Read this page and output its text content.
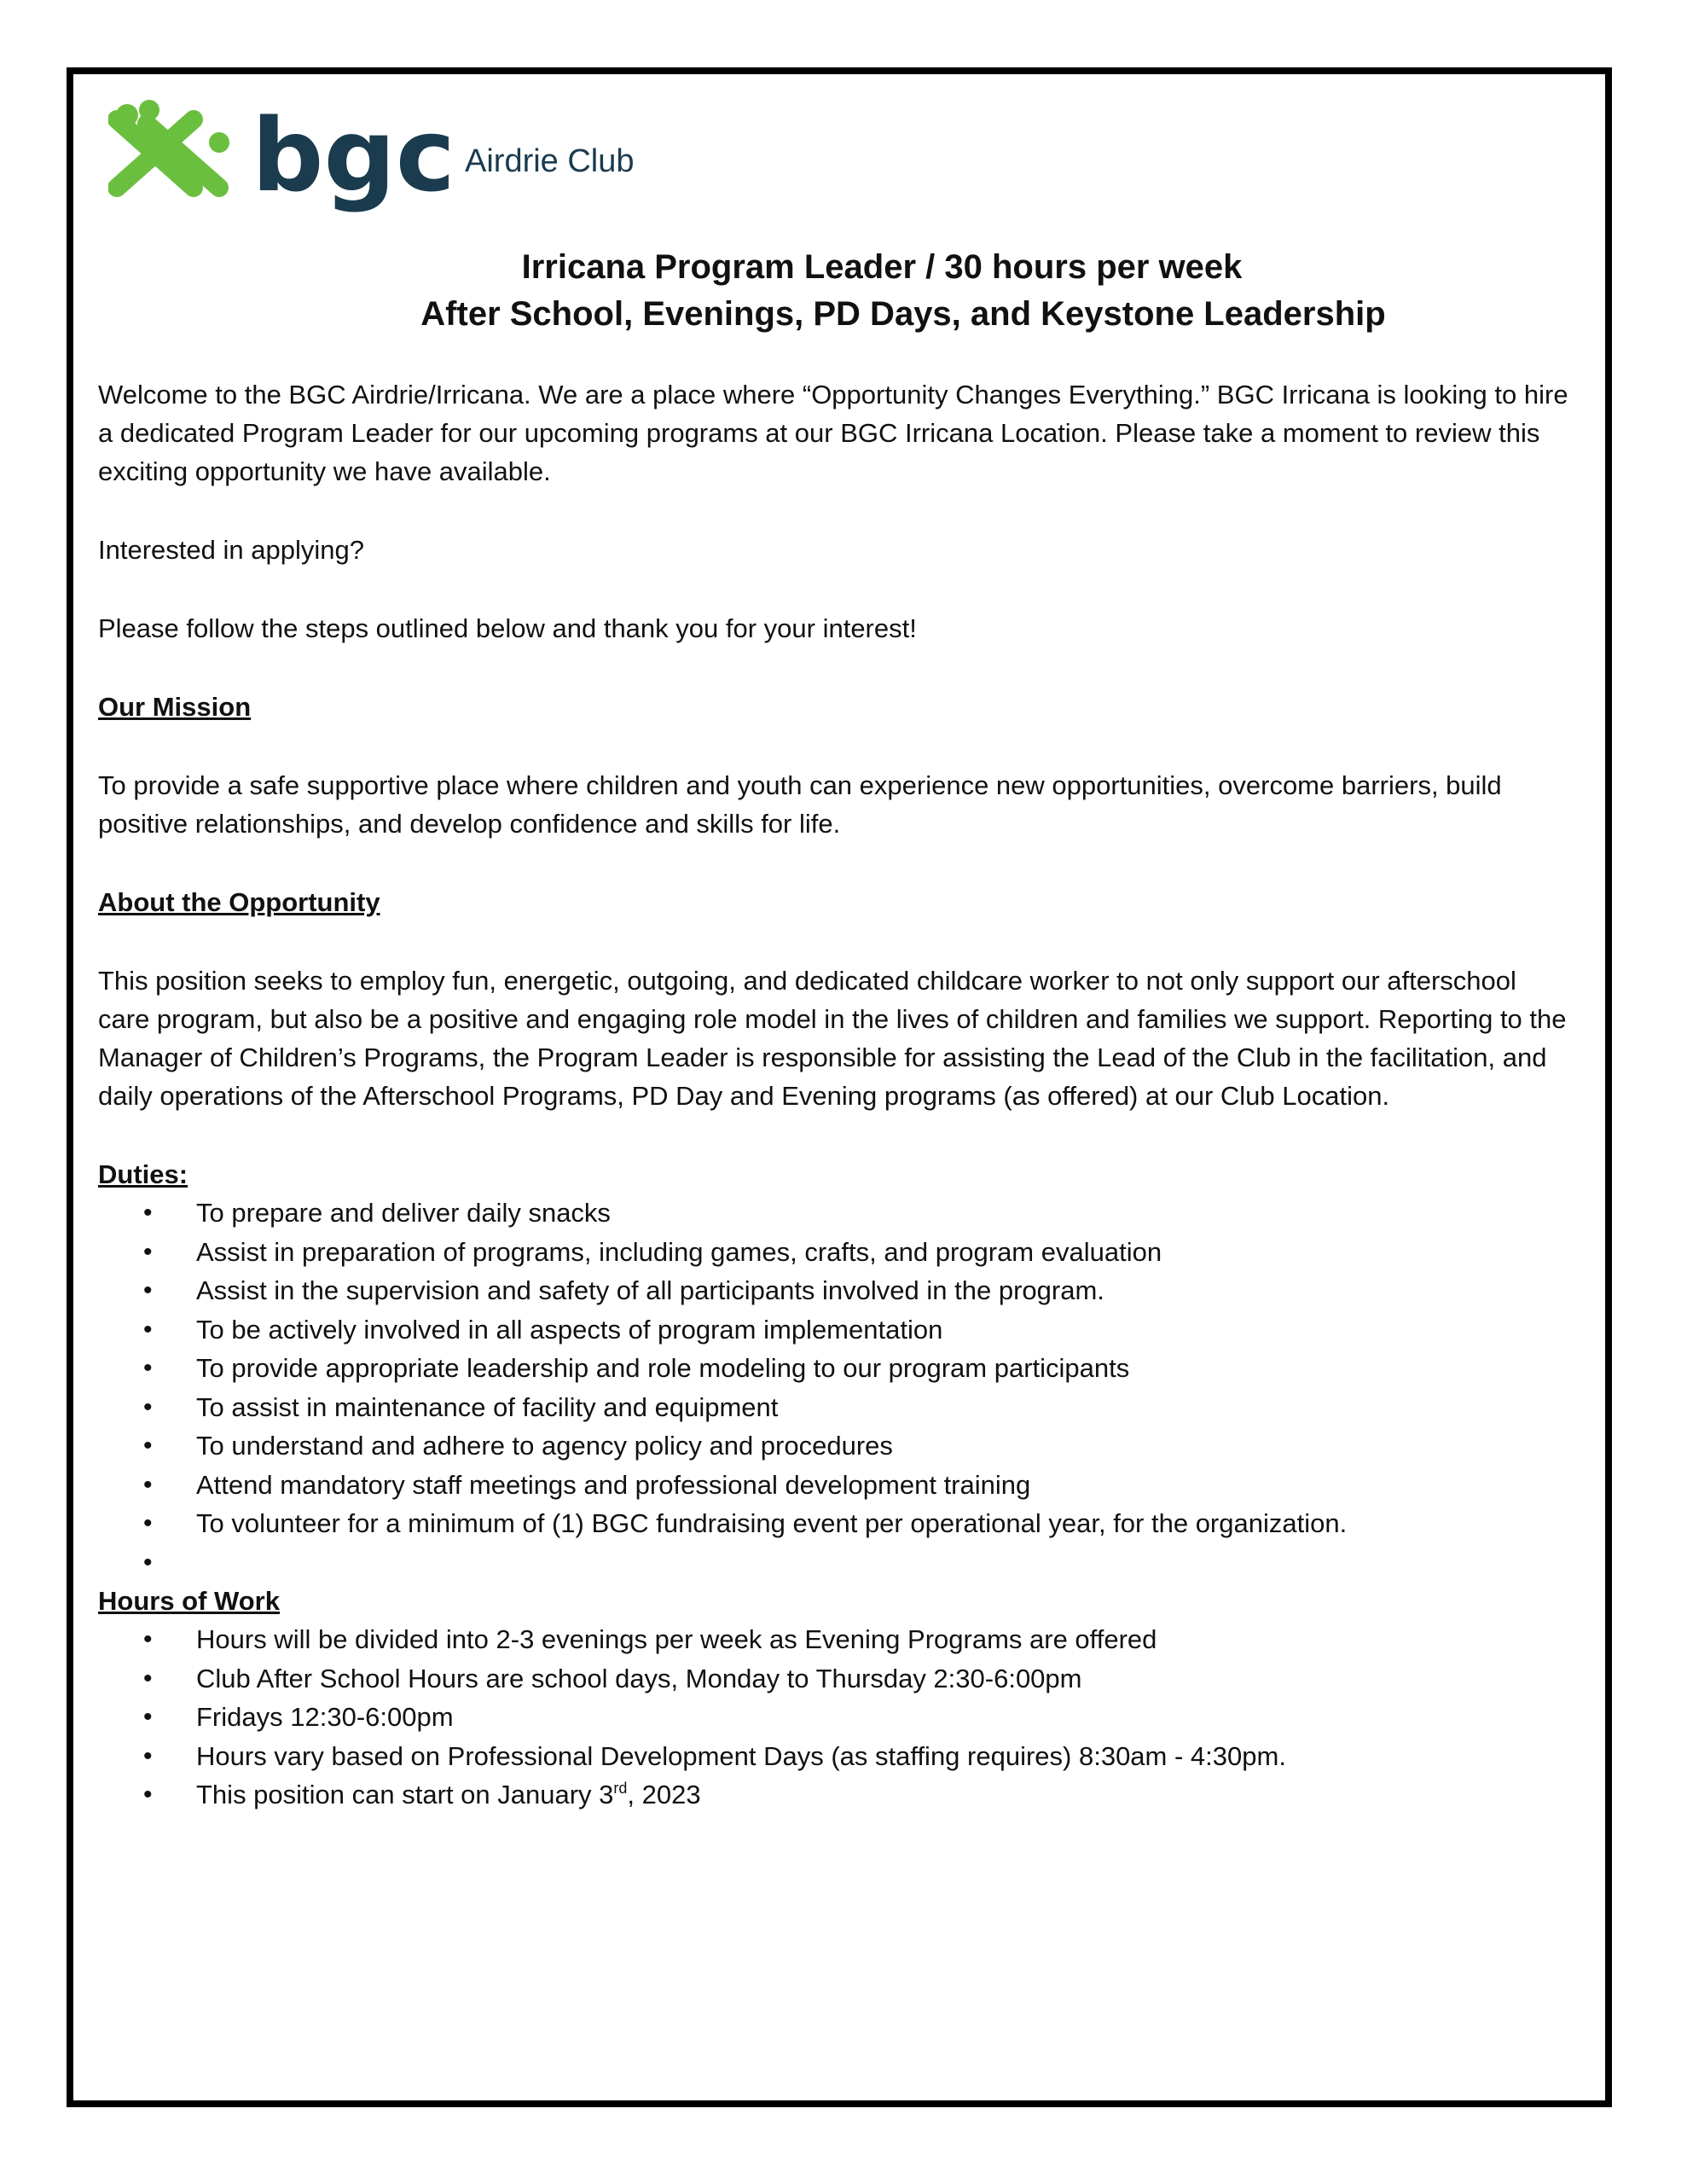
bgc Airdrie Club
Irricana Program Leader / 30 hours per week
After School, Evenings, PD Days, and Keystone Leadership

Welcome to the BGC Airdrie/Irricana. We are a place where “Opportunity Changes Everything.” BGC Irricana is looking to hire a dedicated Program Leader for our upcoming programs at our BGC Irricana Location. Please take a moment to review this exciting opportunity we have available.

Interested in applying?

Please follow the steps outlined below and thank you for your interest!

Our Mission

To provide a safe supportive place where children and youth can experience new opportunities, overcome barriers, build positive relationships, and develop confidence and skills for life.

About the Opportunity

This position seeks to employ fun, energetic, outgoing, and dedicated childcare worker to not only support our afterschool care program, but also be a positive and engaging role model in the lives of children and families we support. Reporting to the Manager of Children’s Programs, the Program Leader is responsible for assisting the Lead of the Club in the facilitation, and daily operations of the Afterschool Programs, PD Day and Evening programs (as offered) at our Club Location.

Duties:

• To prepare and deliver daily snacks
• Assist in preparation of programs, including games, crafts, and program evaluation
• Assist in the supervision and safety of all participants involved in the program.
• To be actively involved in all aspects of program implementation
• To provide appropriate leadership and role modeling to our program participants
• To assist in maintenance of facility and equipment
• To understand and adhere to agency policy and procedures
• Attend mandatory staff meetings and professional development training
• To volunteer for a minimum of (1) BGC fundraising event per operational year, for the organization.
•

Hours of Work

• Hours will be divided into 2-3 evenings per week as Evening Programs are offered
• Club After School Hours are school days, Monday to Thursday 2:30-6:00pm
• Fridays 12:30-6:00pm
• Hours vary based on Professional Development Days (as staffing requires) 8:30am - 4:30pm.
• This position can start on January 3rd, 2023
